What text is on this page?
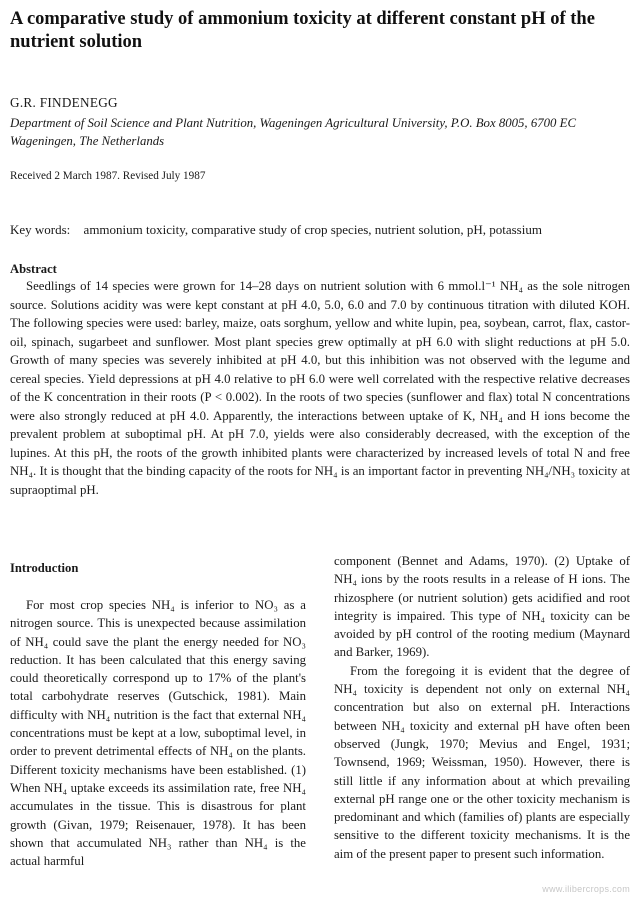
A comparative study of ammonium toxicity at different constant pH of the nutrient solution
G.R. FINDENEGG
Department of Soil Science and Plant Nutrition, Wageningen Agricultural University, P.O. Box 8005, 6700 EC Wageningen, The Netherlands
Received 2 March 1987. Revised July 1987
Key words: ammonium toxicity, comparative study of crop species, nutrient solution, pH, potassium
Abstract

Seedlings of 14 species were grown for 14–28 days on nutrient solution with 6 mmol.l⁻¹ NH₄ as the sole nitrogen source. Solutions acidity was were kept constant at pH 4.0, 5.0, 6.0 and 7.0 by continuous titration with diluted KOH. The following species were used: barley, maize, oats sorghum, yellow and white lupin, pea, soybean, carrot, flax, castor-oil, spinach, sugarbeet and sunflower. Most plant species grew optimally at pH 6.0 with slight reductions at pH 5.0. Growth of many species was severely inhibited at pH 4.0, but this inhibition was not observed with the legume and cereal species. Yield depressions at pH 4.0 relative to pH 6.0 were well correlated with the respective relative decreases of the K concentration in their roots (P < 0.002). In the roots of two species (sunflower and flax) total N concentrations were also strongly reduced at pH 4.0. Apparently, the interactions between uptake of K, NH₄ and H ions become the prevalent problem at suboptimal pH. At pH 7.0, yields were also considerably decreased, with the exception of the lupines. At this pH, the roots of the growth inhibited plants were characterized by increased levels of total N and free NH₄. It is thought that the binding capacity of the roots for NH₄ is an important factor in preventing NH₄/NH₃ toxicity at supraoptimal pH.

Introduction

For most crop species NH₄ is inferior to NO₃ as a nitrogen source. This is unexpected because assimilation of NH₄ could save the plant the energy needed for NO₃ reduction. It has been calculated that this energy saving could theoretically correspond up to 17% of the plant's total carbohydrate reserves (Gutschick, 1981). Main difficulty with NH₄ nutrition is the fact that external NH₄ concentrations must be kept at a low, suboptimal level, in order to prevent detrimental effects of NH₄ on the plants. Different toxicity mechanisms have been established. (1) When NH₄ uptake exceeds its assimilation rate, free NH₄ accumulates in the tissue. This is disastrous for plant growth (Givan, 1979; Reisenauer, 1978). It has been shown that accumulated NH₃ rather than NH₄ is the actual harmful

component (Bennet and Adams, 1970). (2) Uptake of NH₄ ions by the roots results in a release of H ions. The rhizosphere (or nutrient solution) gets acidified and root integrity is impaired. This type of NH₄ toxicity can be avoided by pH control of the rooting medium (Maynard and Barker, 1969).

From the foregoing it is evident that the degree of NH₄ toxicity is dependent not only on external NH₄ concentration but also on external pH. Interactions between NH₄ toxicity and external pH have often been observed (Jungk, 1970; Mevius and Engel, 1931; Townsend, 1969; Weissman, 1950). However, there is still little if any information about at which prevailing external pH range one or the other toxicity mechanism is predominant and which (families of) plants are especially sensitive to the different toxicity mechanisms. It is the aim of the present paper to present such information.

www.ilibercrops.com
